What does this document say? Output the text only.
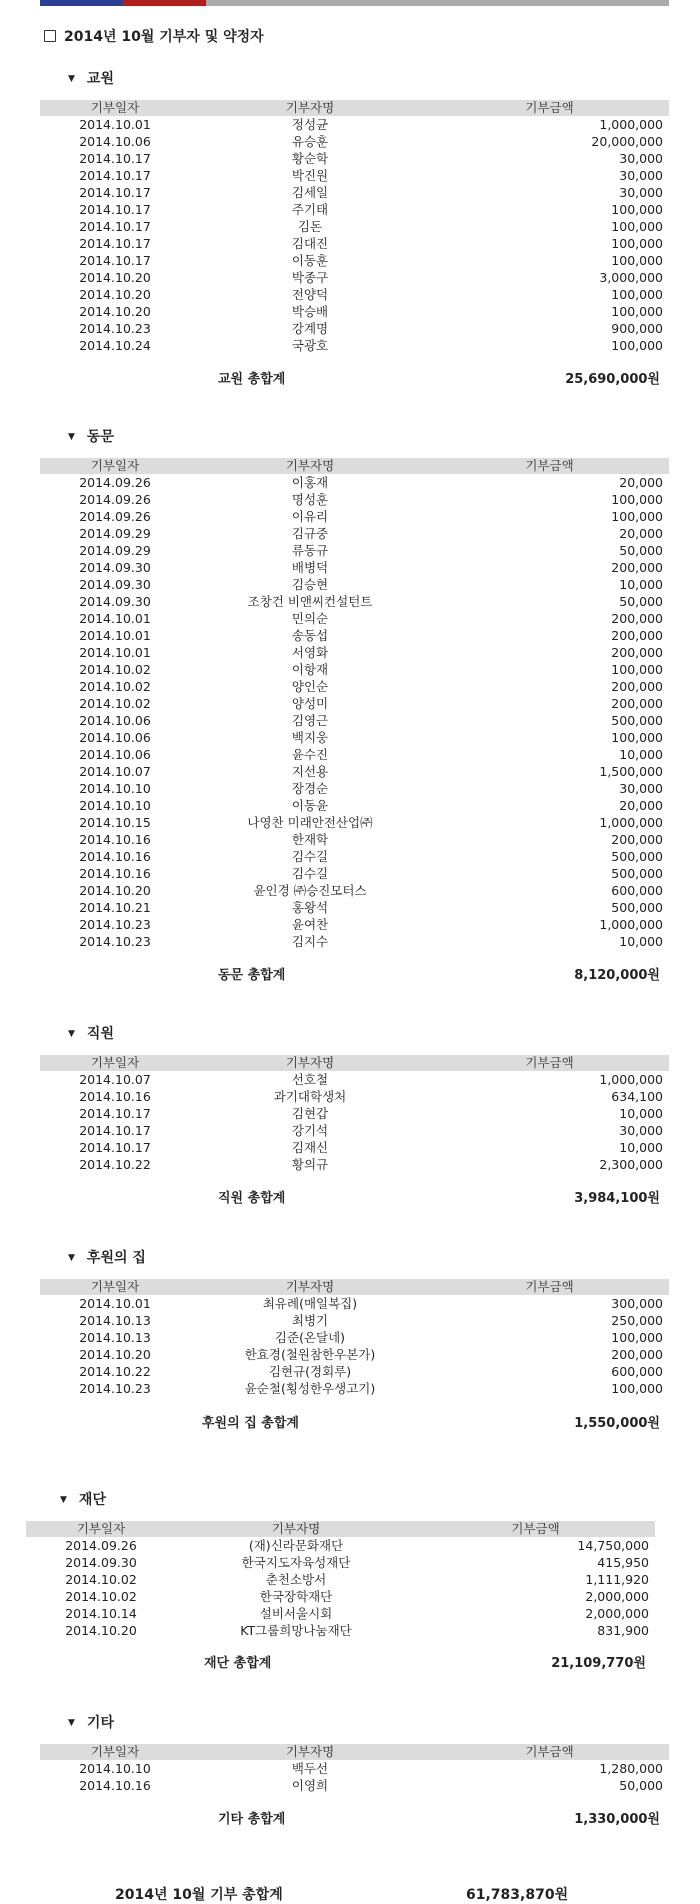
2014년 10월 기부자 및 약정자
▼ 교원
기부일자	기부자명	기부금액
2014.10.01	정성균	1,000,000
2014.10.06	유승훈	20,000,000
2014.10.17	황순학	30,000
2014.10.17	박진원	30,000
2014.10.17	김세일	30,000
2014.10.17	주기태	100,000
2014.10.17	김돈	100,000
2014.10.17	김대진	100,000
2014.10.17	이동훈	100,000
2014.10.20	박종구	3,000,000
2014.10.20	전양덕	100,000
2014.10.20	박승배	100,000
2014.10.23	강계명	900,000
2014.10.24	국광호	100,000
교원 총합계	25,690,000원
▼ 동문
기부일자	기부자명	기부금액
2014.09.26	이홍재	20,000
2014.09.26	명성훈	100,000
2014.09.26	이유리	100,000
2014.09.29	김규중	20,000
2014.09.29	류동규	50,000
2014.09.30	배병덕	200,000
2014.09.30	김승현	10,000
2014.09.30	조창건 비앤씨컨설턴트	50,000
2014.10.01	민의순	200,000
2014.10.01	송동섭	200,000
2014.10.01	서영화	200,000
2014.10.02	이항재	100,000
2014.10.02	양인순	200,000
2014.10.02	양성미	200,000
2014.10.06	김영근	500,000
2014.10.06	백지웅	100,000
2014.10.06	윤수진	10,000
2014.10.07	지선용	1,500,000
2014.10.10	장경순	30,000
2014.10.10	이동윤	20,000
2014.10.15	나영찬 미래안전산업㈜	1,000,000
2014.10.16	한재학	200,000
2014.10.16	김수길	500,000
2014.10.16	김수길	500,000
2014.10.20	윤인경 ㈜승진모터스	600,000
2014.10.21	홍왕석	500,000
2014.10.23	윤여찬	1,000,000
2014.10.23	김지수	10,000
동문 총합계	8,120,000원
▼ 직원
기부일자	기부자명	기부금액
2014.10.07	선호철	1,000,000
2014.10.16	과기대학생처	634,100
2014.10.17	김현갑	10,000
2014.10.17	강기석	30,000
2014.10.17	김재신	10,000
2014.10.22	황의규	2,300,000
직원 총합계	3,984,100원
▼ 후원의 집
기부일자	기부자명	기부금액
2014.10.01	최유례(매일복집)	300,000
2014.10.13	최병기	250,000
2014.10.13	김준(온달네)	100,000
2014.10.20	한효경(철원참한우본가)	200,000
2014.10.22	김현규(경회루)	600,000
2014.10.23	윤순철(횡성한우생고기)	100,000
후원의 집 총합계	1,550,000원
▼ 재단
기부일자	기부자명	기부금액
2014.09.26	(재)신라문화재단	14,750,000
2014.09.30	한국지도자육성재단	415,950
2014.10.02	춘천소방서	1,111,920
2014.10.02	한국장학재단	2,000,000
2014.10.14	설비서울시회	2,000,000
2014.10.20	KT그룹희망나눔재단	831,900
재단 총합계	21,109,770원
▼ 기타
기부일자	기부자명	기부금액
2014.10.10	백두선	1,280,000
2014.10.16	이영희	50,000
기타 총합계	1,330,000원
2014년 10월 기부 총합계	61,783,870원
